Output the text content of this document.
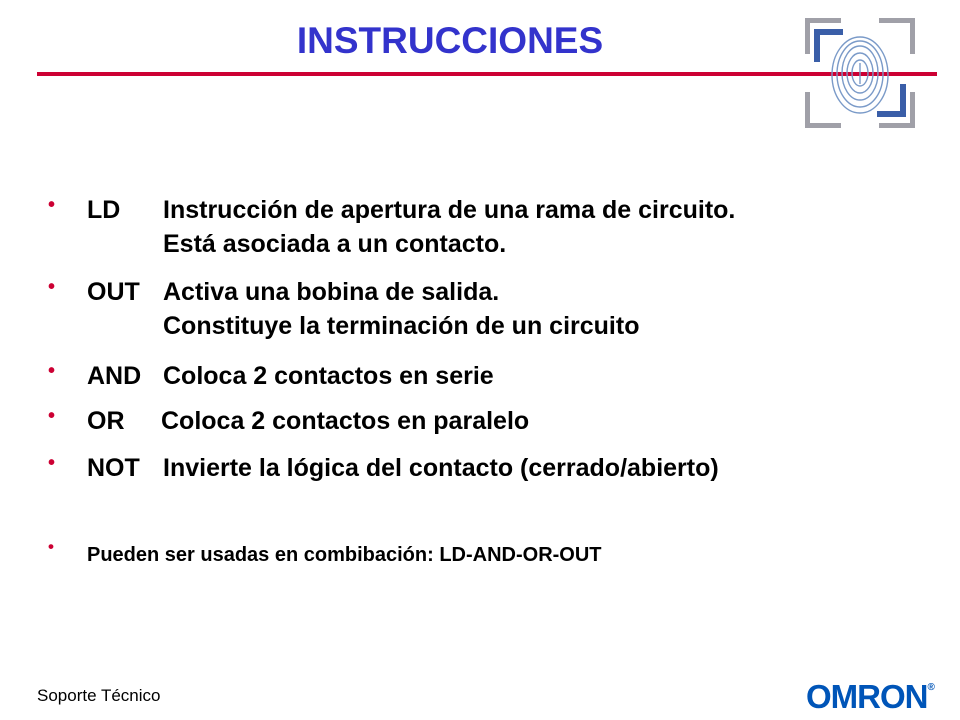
INSTRUCCIONES
• LD Instrucción de apertura de una rama de circuito.
Está asociada a un contacto.
• OUT Activa una bobina de salida.
Constituye la terminación de un circuito
• AND Coloca 2 contactos en serie
• OR Coloca 2 contactos en paralelo
• NOT Invierte la lógica del contacto (cerrado/abierto)
• Pueden ser usadas en combibación: LD-AND-OR-OUT
Soporte Técnico	OMRON®
